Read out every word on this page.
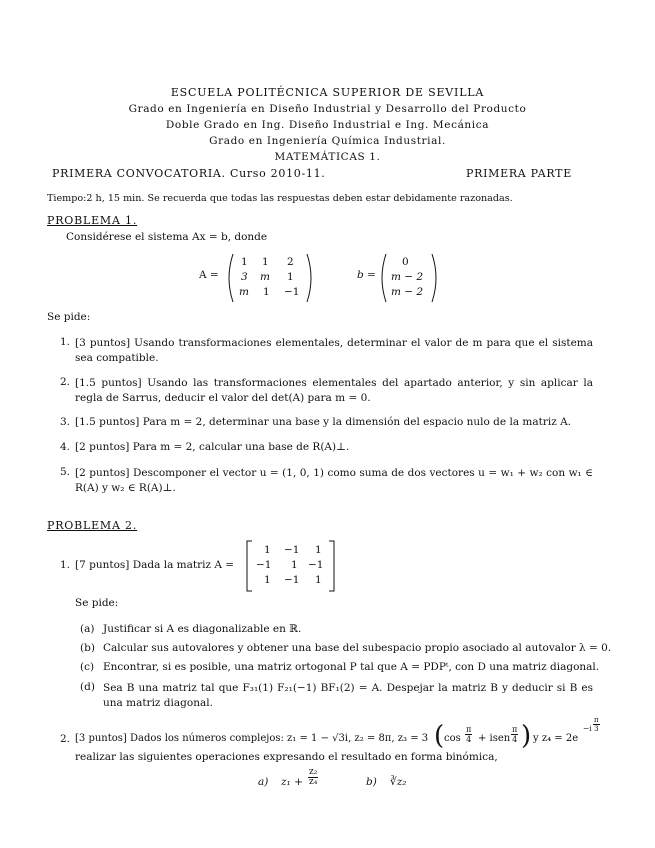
ESCUELA POLITÉCNICA SUPERIOR DE SEVILLA
Grado en Ingeniería en Diseño Industrial y Desarrollo del Producto
Doble Grado en Ing. Diseño Industrial e Ing. Mecánica
Grado en Ingeniería Química Industrial.
MATEMÁTICAS 1.
PRIMERA CONVOCATORIA. Curso 2010-11.	PRIMERA PARTE
Tiempo:2 h, 15 min. Se recuerda que todas las respuestas deben estar debidamente razonadas.
PROBLEMA 1.
Considérese el sistema Ax = b, donde
A =
1 1 2
3 m 1
m 1 −1
b =
0
m − 2
m − 2
Se pide:
1. [3 puntos] Usando transformaciones elementales, determinar el valor de m para que el sistema sea compatible.
2. [1.5 puntos] Usando las transformaciones elementales del apartado anterior, y sin aplicar la regla de Sarrus, deducir el valor del det(A) para m = 0.
3. [1.5 puntos] Para m = 2, determinar una base y la dimensión del espacio nulo de la matriz A.
4. [2 puntos] Para m = 2, calcular una base de R(A)⊥.
5. [2 puntos] Descomponer el vector u = (1, 0, 1) como suma de dos vectores u = w₁ + w₂ con w₁ ∈ R(A) y w₂ ∈ R(A)⊥.
PROBLEMA 2.
1. [7 puntos] Dada la matriz A =
1 −1 1
−1 1 −1
1 −1 1
Se pide:
(a) Justificar si A es diagonalizable en ℝ.
(b) Calcular sus autovalores y obtener una base del subespacio propio asociado al autovalor λ = 0.
(c) Encontrar, si es posible, una matriz ortogonal P tal que A = PDPᵗ, con D una matriz diagonal.
(d) Sea B una matriz tal que F₃₁(1) F₂₁(−1) BF₁(2) = A. Despejar la matriz B y deducir si B es una matriz diagonal.
2. [3 puntos] Dados los números complejos: z₁ = 1 − √3i, z₂ = 8π, z₃ = 3 ( $\cos \frac{\pi}{4}$ + isen $\frac{\pi}{4}$ ) y z₄ = 2e
$-i \frac{\pi}{3}$
realizar las siguientes operaciones expresando el resultado en forma binómica,
a) $z_1 + \frac{\text{z₂}}{\text{z₄}}$	b) ∛z₂
